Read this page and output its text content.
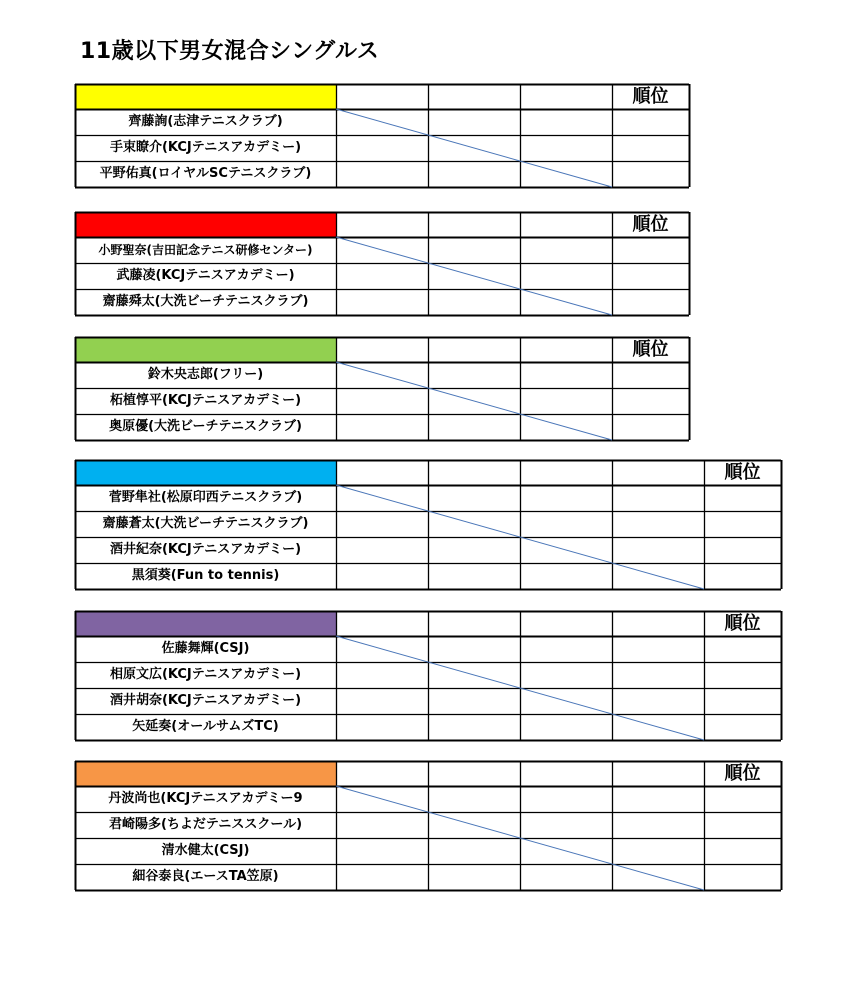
11歳以下男女混合シングルス
順位
齊藤詢(志津テニスクラブ)
手束瞭介(KCJテニスアカデミー)
平野佑真(ロイヤルSCテニスクラブ)
順位
小野聖奈(吉田記念テニス研修センター)
武藤凌(KCJテニスアカデミー)
齋藤舜太(大洗ビーチテニスクラブ)
順位
鈴木央志郎(フリー)
柘植惇平(KCJテニスアカデミー)
奥原優(大洗ビーチテニスクラブ)
順位
菅野隼社(松原印西テニスクラブ)
齋藤蒼太(大洗ビーチテニスクラブ)
酒井紀奈(KCJテニスアカデミー)
黒須葵(Fun to tennis)
順位
佐藤舞輝(CSJ)
相原文広(KCJテニスアカデミー)
酒井胡奈(KCJテニスアカデミー)
矢延奏(オールサムズTC)
順位
丹波尚也(KCJテニスアカデミー9
君崎陽多(ちよだテニススクール)
清水健太(CSJ)
細谷泰良(エースTA笠原)
